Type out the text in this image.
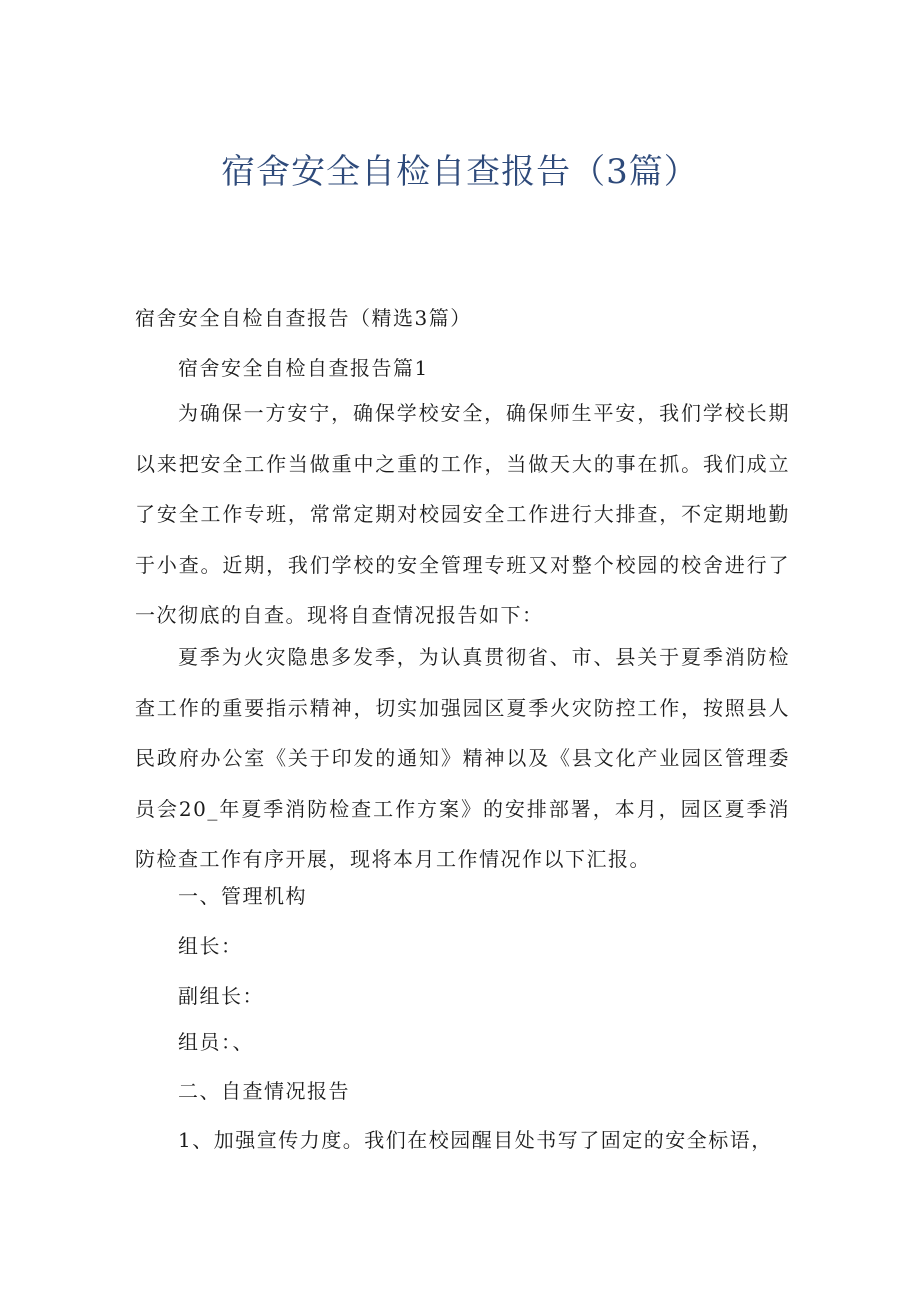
宿舍安全自检自查报告（3篇）
宿舍安全自检自查报告（精选3篇）
宿舍安全自检自查报告篇1
为确保一方安宁，确保学校安全，确保师生平安，我们学校长期以来把安全工作当做重中之重的工作，当做天大的事在抓。我们成立了安全工作专班，常常定期对校园安全工作进行大排查，不定期地勤于小查。近期，我们学校的安全管理专班又对整个校园的校舍进行了一次彻底的自查。现将自查情况报告如下：
夏季为火灾隐患多发季，为认真贯彻省、市、县关于夏季消防检查工作的重要指示精神，切实加强园区夏季火灾防控工作，按照县人民政府办公室《关于印发的通知》精神以及《县文化产业园区管理委员会20_年夏季消防检查工作方案》的安排部署，本月，园区夏季消防检查工作有序开展，现将本月工作情况作以下汇报。
一、管理机构
组长：
副组长：
组员：、
二、自查情况报告
1、加强宣传力度。我们在校园醒目处书写了固定的安全标语，
